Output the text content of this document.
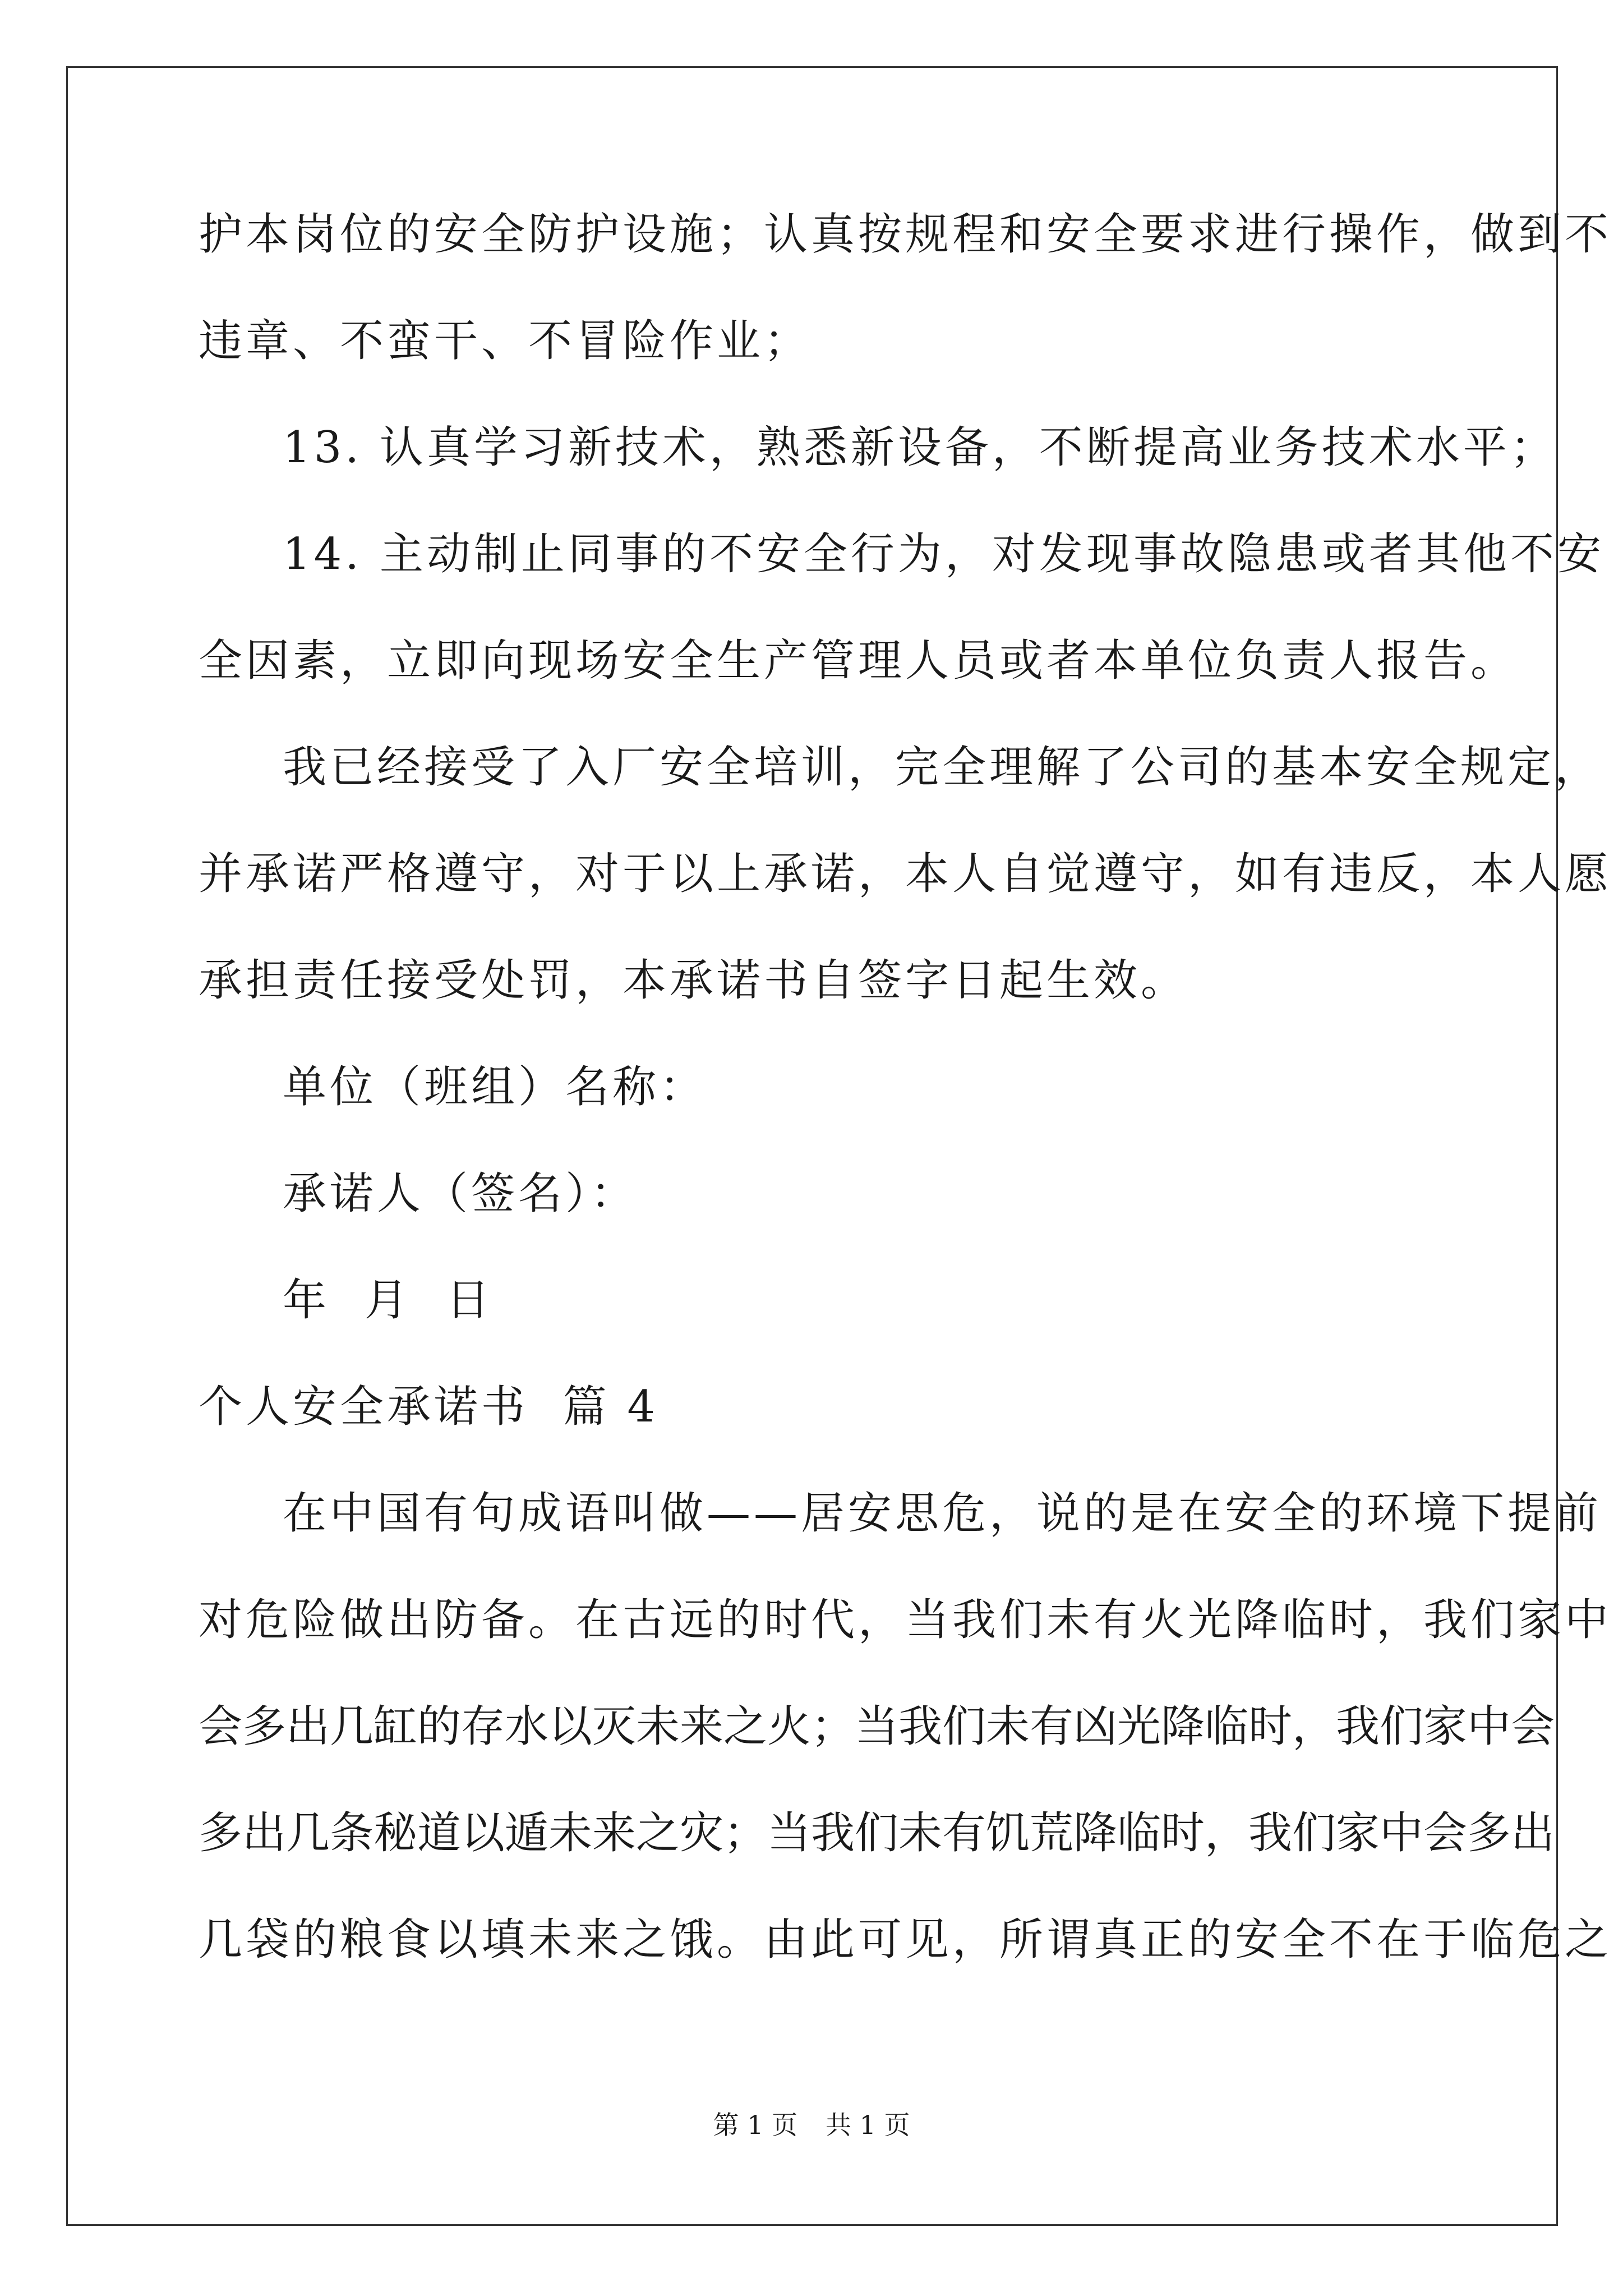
护本岗位的安全防护设施；认真按规程和安全要求进行操作，做到不
违章、不蛮干、不冒险作业；
13. 认真学习新技术，熟悉新设备，不断提高业务技术水平；
14. 主动制止同事的不安全行为，对发现事故隐患或者其他不安
全因素，立即向现场安全生产管理人员或者本单位负责人报告。
我已经接受了入厂安全培训，完全理解了公司的基本安全规定，
并承诺严格遵守，对于以上承诺，本人自觉遵守，如有违反，本人愿
承担责任接受处罚，本承诺书自签字日起生效。
单位（班组）名称：
承诺人（签名）：
年  月  日
个人安全承诺书  篇 4
在中国有句成语叫做——居安思危，说的是在安全的环境下提前
对危险做出防备。在古远的时代，当我们未有火光降临时，我们家中
会多出几缸的存水以灭未来之火；当我们未有凶光降临时，我们家中会
多出几条秘道以遁未来之灾；当我们未有饥荒降临时，我们家中会多出
几袋的粮食以填未来之饿。由此可见，所谓真正的安全不在于临危之
第 1 页 共 1 页
